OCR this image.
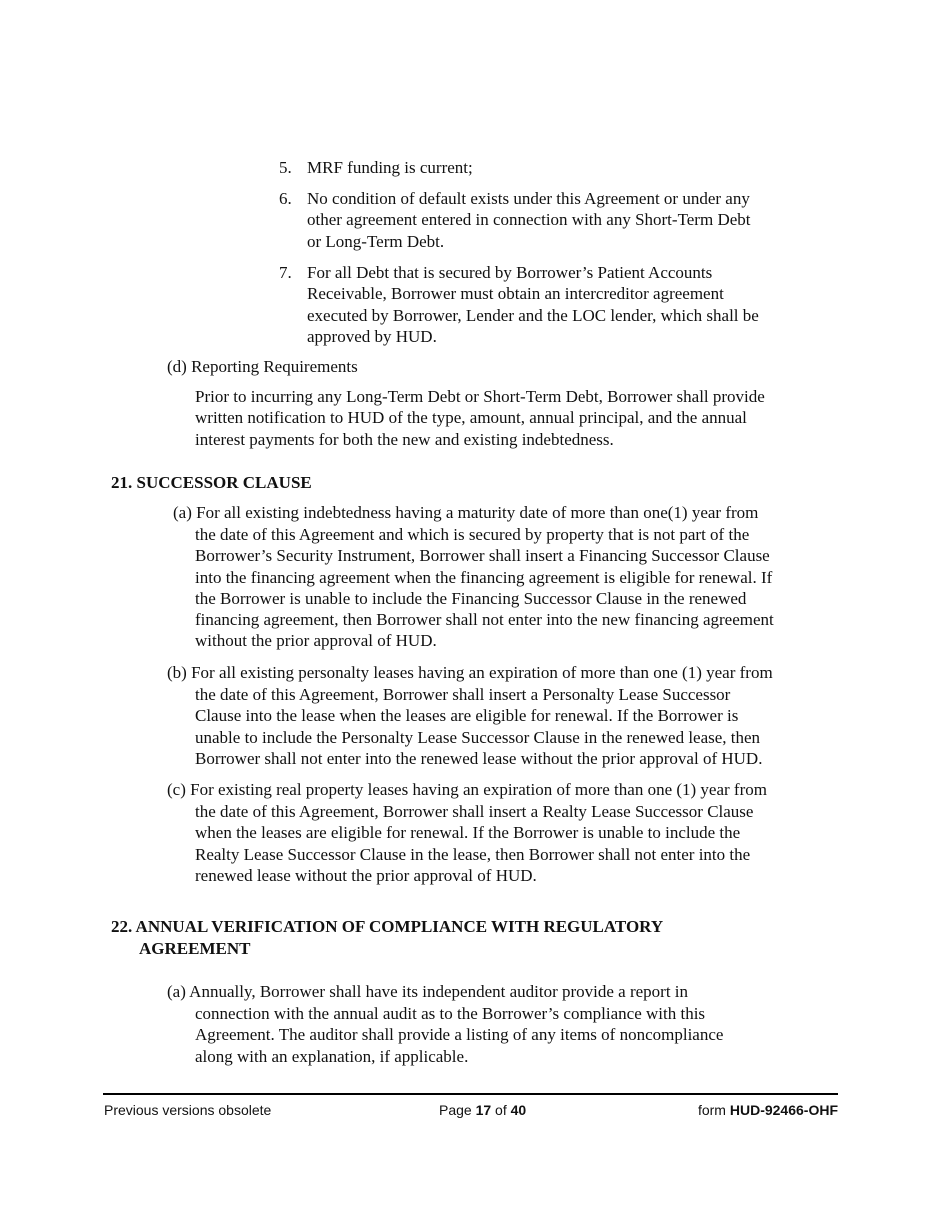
5. MRF funding is current;
6. No condition of default exists under this Agreement or under any
other agreement entered in connection with any Short-Term Debt
or Long-Term Debt.
7. For all Debt that is secured by Borrower’s Patient Accounts
Receivable, Borrower must obtain an intercreditor agreement
executed by Borrower, Lender and the LOC lender, which shall be
approved by HUD.
(d) Reporting Requirements
Prior to incurring any Long-Term Debt or Short-Term Debt, Borrower shall provide
written notification to HUD of the type, amount, annual principal, and the annual
interest payments for both the new and existing indebtedness.
21. SUCCESSOR CLAUSE
(a) For all existing indebtedness having a maturity date of more than one(1) year from
the date of this Agreement and which is secured by property that is not part of the
Borrower’s Security Instrument, Borrower shall insert a Financing Successor Clause
into the financing agreement when the financing agreement is eligible for renewal. If
the Borrower is unable to include the Financing Successor Clause in the renewed
financing agreement, then Borrower shall not enter into the new financing agreement
without the prior approval of HUD.
(b) For all existing personalty leases having an expiration of more than one (1) year from
the date of this Agreement, Borrower shall insert a Personalty Lease Successor
Clause into the lease when the leases are eligible for renewal. If the Borrower is
unable to include the Personalty Lease Successor Clause in the renewed lease, then
Borrower shall not enter into the renewed lease without the prior approval of HUD.
(c) For existing real property leases having an expiration of more than one (1) year from
the date of this Agreement, Borrower shall insert a Realty Lease Successor Clause
when the leases are eligible for renewal. If the Borrower is unable to include the
Realty Lease Successor Clause in the lease, then Borrower shall not enter into the
renewed lease without the prior approval of HUD.
22. ANNUAL VERIFICATION OF COMPLIANCE WITH REGULATORY
AGREEMENT
(a) Annually, Borrower shall have its independent auditor provide a report in
connection with the annual audit as to the Borrower’s compliance with this
Agreement. The auditor shall provide a listing of any items of noncompliance
along with an explanation, if applicable.
Previous versions obsolete	Page 17 of 40	form HUD-92466-OHF
